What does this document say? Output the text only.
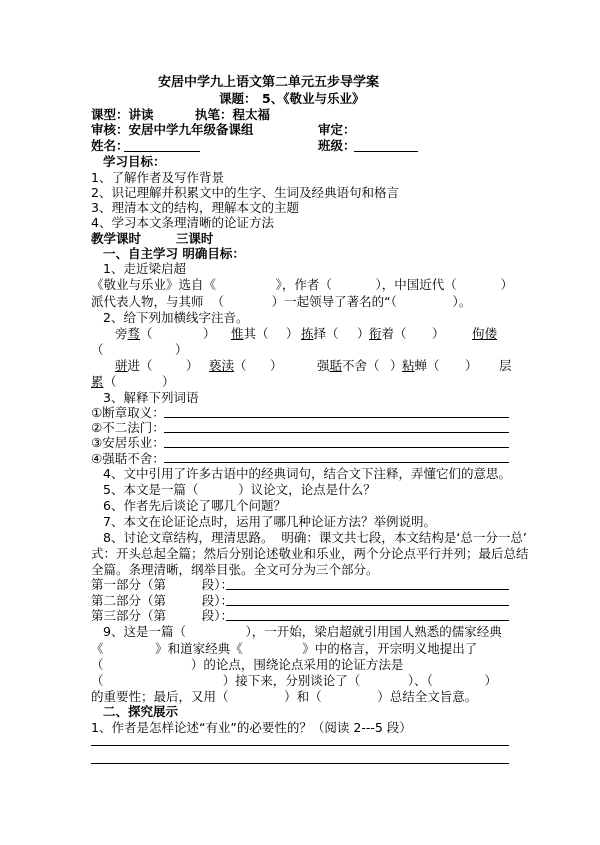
安居中学九上语文第二单元五步导学案
课题： 5、《敬业与乐业》
课型：讲读	执笔：程太福
审核：安居中学九年级备课组	审定：
姓名：	班级：
学习目标：
1、了解作者及写作背景
2、识记理解并积累文中的生字、生词及经典语句和格言
3、理清本文的结构，理解本文的主题
4、学习本文条理清晰的论证方法
教学课时        三课时
一、自主学习 明确目标：
1、走近梁启超
《敬业与乐业》选自《               》，作者（           ），中国近代（           ）
派代表人物，与其师  （            ）一起领导了著名的“（              ）。
2、给下列加横线字注音。
旁骛（	） 惟其（ ） 拣择（ ） 衔着（ ） 佝偻
（	）
骈进（	） 亵渎（ ）	强聒不舍（ ） 粘蝉（ ） 层
累 （	）
3、解释下列词语
①断章取义：
②不二法门：
③安居乐业：
④强聒不舍：
4、文中引用了许多古语中的经典词句，结合文下注释，弄懂它们的意思。
5、本文是一篇（          ）议论文，论点是什么？
6、作者先后谈论了哪几个问题？
7、本文在论证论点时，运用了哪几种论证方法？举例说明。
8、讨论文章结构，理清思路。  明确：课文共七段，本文结构是‘总一分一总’
式：开头总起全篇；然后分别论述敬业和乐业，两个分论点平行并列；最后总结
全篇。条理清晰，纲举目张。全文可分为三个部分。
第一部分（第         段）：
第二部分（第         段）：
第三部分（第         段）：
9、这是一篇（               ），一开始，梁启超就引用国人熟悉的儒家经典
《             》和道家经典《               》中的格言，开宗明义地提出了
（                      ）的论点，围绕论点采用的论证方法是
（                              ）接下来，分别谈论了（            ）、（             ）
的重要性；最后，又用（              ）和（              ）总结全文旨意。
二、探究展示
1、作者是怎样论述“有业”的必要性的？（阅读 2---5 段）
